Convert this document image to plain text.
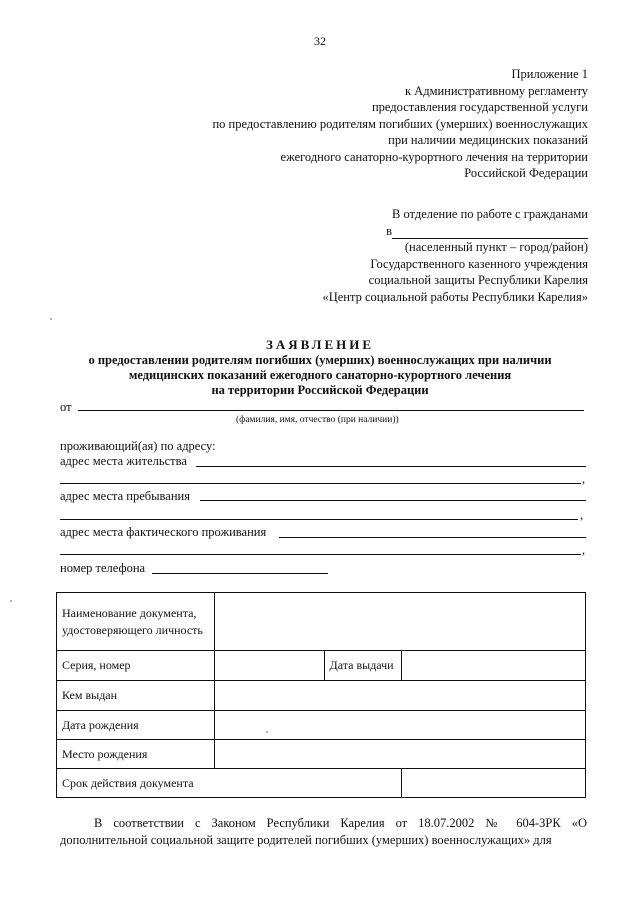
32
Приложение 1
к Административному регламенту
предоставления государственной услуги
по предоставлению родителям погибших (умерших) военнослужащих
при наличии медицинских показаний
ежегодного санаторно-курортного лечения на территории
Российской Федерации
В отделение по работе с гражданами
в
(населенный пункт – город/район)
Государственного казенного учреждения
социальной защиты Республики Карелия
«Центр социальной работы Республики Карелия»
ЗАЯВЛЕНИЕ
о предоставлении родителям погибших (умерших) военнослужащих при наличии
медицинских показаний ежегодного санаторно-курортного лечения
на территории Российской Федерации
от
(фамилия, имя, отчество (при наличии))
проживающий(ая) по адресу:
адрес места жительства
,
адрес места пребывания
,
адрес места фактического проживания
,
номер телефона
Наименование документа, удостоверяющего личность			
Серия, номер		Дата выдачи	
Кем выдан			
Дата рождения			
Место рождения			
Срок действия документа			
В соответствии с Законом Республики Карелия от 18.07.2002 № 604-ЗРК «О дополнительной социальной защите родителей погибших (умерших) военнослужащих» для
